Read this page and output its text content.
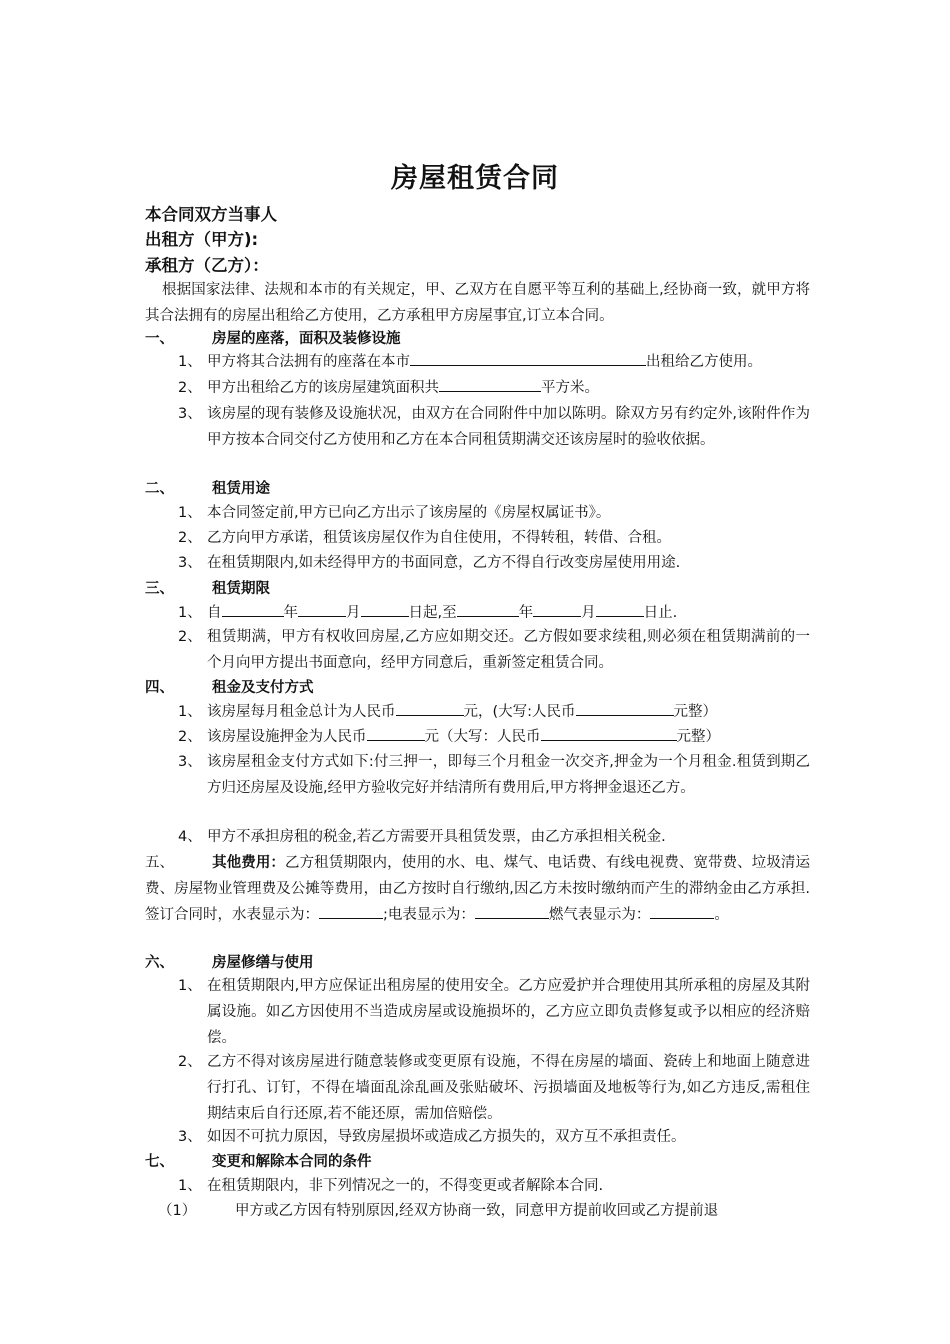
房屋租赁合同
本合同双方当事人
出租方（甲方):
承租方（乙方）：
根据国家法律、法规和本市的有关规定，甲、乙双方在自愿平等互利的基础上,经协商一致，就甲方将其合法拥有的房屋出租给乙方使用，乙方承租甲方房屋事宜,订立本合同。
一、	房屋的座落，面积及装修设施
1、 甲方将其合法拥有的座落在本市	出租给乙方使用。
2、 甲方出租给乙方的该房屋建筑面积共	平方米。
3、 该房屋的现有装修及设施状况，由双方在合同附件中加以陈明。除双方另有约定外,该附件作为甲方按本合同交付乙方使用和乙方在本合同租赁期满交还该房屋时的验收依据。
二、	租赁用途
1、 本合同签定前,甲方已向乙方出示了该房屋的《房屋权属证书》。
2、 乙方向甲方承诺，租赁该房屋仅作为自住使用，不得转租，转借、合租。
3、 在租赁期限内,如未经得甲方的书面同意，乙方不得自行改变房屋使用用途.
三、	租赁期限
1、 自	年	月	日起,至	年	月	日止.
2、 租赁期满，甲方有权收回房屋,乙方应如期交还。乙方假如要求续租,则必须在租赁期满前的一个月向甲方提出书面意向，经甲方同意后，重新签定租赁合同。
四、	租金及支付方式
1、 该房屋每月租金总计为人民币	元，(大写:人民币	元整）
2、 该房屋设施押金为人民币	元（大写：人民币	元整）
3、 该房屋租金支付方式如下:付三押一，即每三个月租金一次交齐,押金为一个月租金.租赁到期乙方归还房屋及设施,经甲方验收完好并结清所有费用后,甲方将押金退还乙方。
4、 甲方不承担房租的税金,若乙方需要开具租赁发票，由乙方承担相关税金.
五、	其他费用：乙方租赁期限内，使用的水、电、煤气、电话费、有线电视费、宽带费、垃圾清运费、房屋物业管理费及公摊等费用，由乙方按时自行缴纳,因乙方未按时缴纳而产生的滞纳金由乙方承担.签订合同时，水表显示为：	;电表显示为：	燃气表显示为：	。
六、	房屋修缮与使用
1、 在租赁期限内,甲方应保证出租房屋的使用安全。乙方应爱护并合理使用其所承租的房屋及其附属设施。如乙方因使用不当造成房屋或设施损坏的，乙方应立即负责修复或予以相应的经济赔偿。
2、 乙方不得对该房屋进行随意装修或变更原有设施，不得在房屋的墙面、瓷砖上和地面上随意进行打孔、订钉，不得在墙面乱涂乱画及张贴破坏、污损墙面及地板等行为,如乙方违反,需租住期结束后自行还原,若不能还原，需加倍赔偿。
3、 如因不可抗力原因，导致房屋损坏或造成乙方损失的，双方互不承担责任。
七、	变更和解除本合同的条件
1、 在租赁期限内，非下列情况之一的，不得变更或者解除本合同.
（1）	甲方或乙方因有特别原因,经双方协商一致，同意甲方提前收回或乙方提前退
